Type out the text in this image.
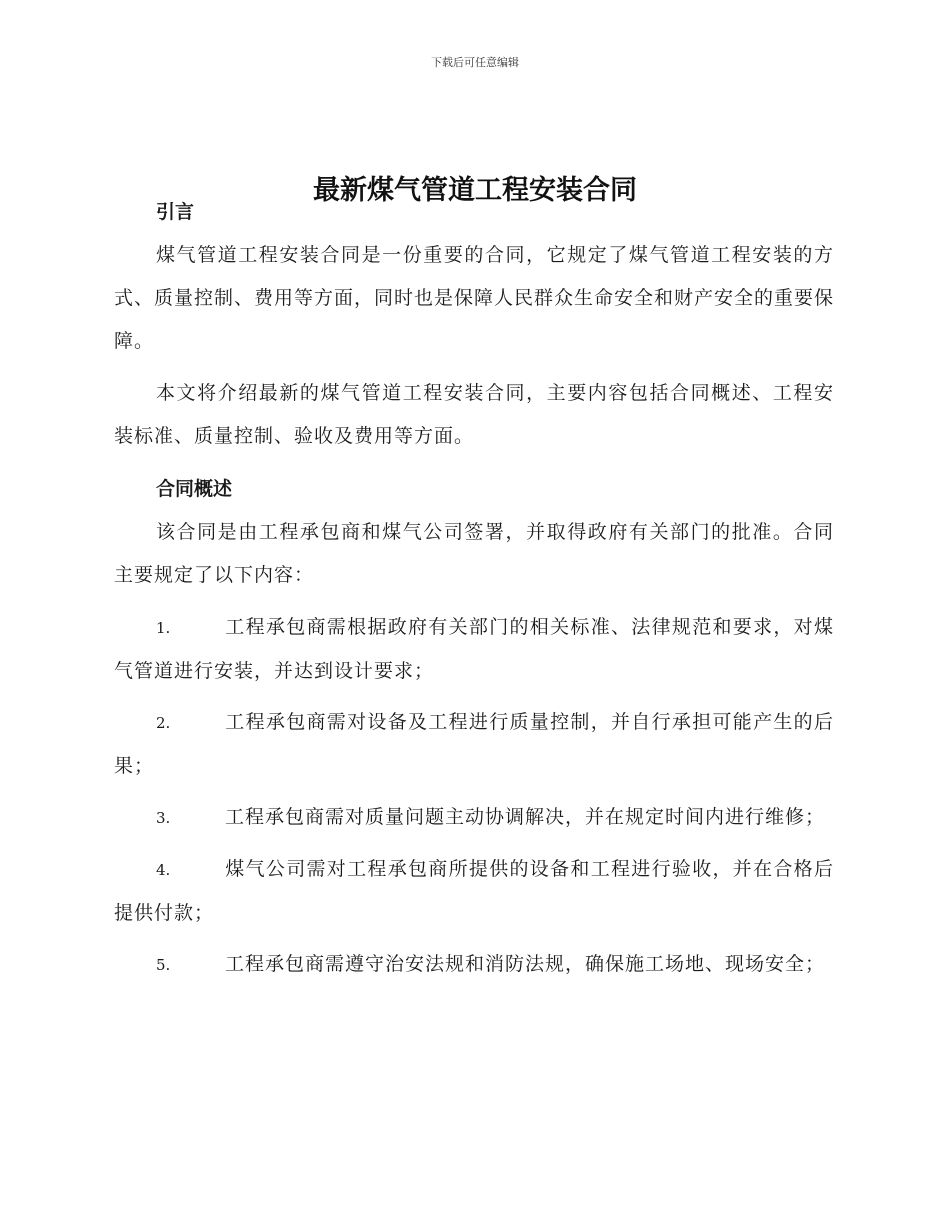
下载后可任意编辑
最新煤气管道工程安装合同
引言

煤气管道工程安装合同是一份重要的合同，它规定了煤气管道工程安装的方式、质量控制、费用等方面，同时也是保障人民群众生命安全和财产安全的重要保障。

本文将介绍最新的煤气管道工程安装合同，主要内容包括合同概述、工程安装标准、质量控制、验收及费用等方面。

合同概述

该合同是由工程承包商和煤气公司签署，并取得政府有关部门的批准。合同主要规定了以下内容：

1.	工程承包商需根据政府有关部门的相关标准、法律规范和要求，对煤气管道进行安装，并达到设计要求；

2.	工程承包商需对设备及工程进行质量控制，并自行承担可能产生的后果；

3.	工程承包商需对质量问题主动协调解决，并在规定时间内进行维修；

4.	煤气公司需对工程承包商所提供的设备和工程进行验收，并在合格后提供付款；

5.	工程承包商需遵守治安法规和消防法规，确保施工场地、现场安全；
